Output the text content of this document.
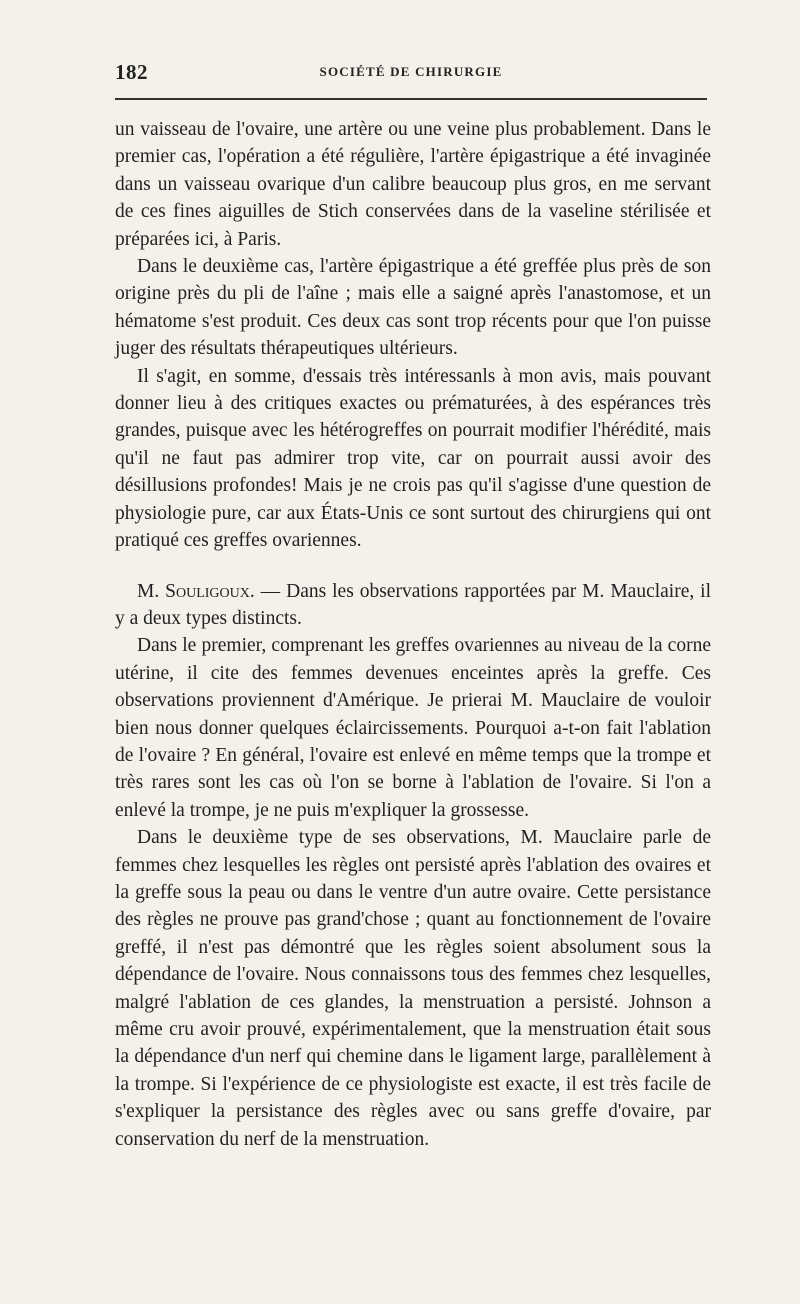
182	SOCIÉTÉ DE CHIRURGIE

un vaisseau de l'ovaire, une artère ou une veine plus probablement. Dans le premier cas, l'opération a été régulière, l'artère épigastrique a été invaginée dans un vaisseau ovarique d'un calibre beaucoup plus gros, en me servant de ces fines aiguilles de Stich conservées dans de la vaseline stérilisée et préparées ici, à Paris.

Dans le deuxième cas, l'artère épigastrique a été greffée plus près de son origine près du pli de l'aîne ; mais elle a saigné après l'anastomose, et un hématome s'est produit. Ces deux cas sont trop récents pour que l'on puisse juger des résultats thérapeutiques ultérieurs.

Il s'agit, en somme, d'essais très intéressanls à mon avis, mais pouvant donner lieu à des critiques exactes ou prématurées, à des espérances très grandes, puisque avec les hétérogreffes on pourrait modifier l'hérédité, mais qu'il ne faut pas admirer trop vite, car on pourrait aussi avoir des désillusions profondes! Mais je ne crois pas qu'il s'agisse d'une question de physiologie pure, car aux États-Unis ce sont surtout des chirurgiens qui ont pratiqué ces greffes ovariennes.

M. Souligoux. — Dans les observations rapportées par M. Mauclaire, il y a deux types distincts.

Dans le premier, comprenant les greffes ovariennes au niveau de la corne utérine, il cite des femmes devenues enceintes après la greffe. Ces observations proviennent d'Amérique. Je prierai M. Mauclaire de vouloir bien nous donner quelques éclaircissements. Pourquoi a-t-on fait l'ablation de l'ovaire ? En général, l'ovaire est enlevé en même temps que la trompe et très rares sont les cas où l'on se borne à l'ablation de l'ovaire. Si l'on a enlevé la trompe, je ne puis m'expliquer la grossesse.

Dans le deuxième type de ses observations, M. Mauclaire parle de femmes chez lesquelles les règles ont persisté après l'ablation des ovaires et la greffe sous la peau ou dans le ventre d'un autre ovaire. Cette persistance des règles ne prouve pas grand'chose ; quant au fonctionnement de l'ovaire greffé, il n'est pas démontré que les règles soient absolument sous la dépendance de l'ovaire. Nous connaissons tous des femmes chez lesquelles, malgré l'ablation de ces glandes, la menstruation a persisté. Johnson a même cru avoir prouvé, expérimentalement, que la menstruation était sous la dépendance d'un nerf qui chemine dans le ligament large, parallèlement à la trompe. Si l'expérience de ce physiologiste est exacte, il est très facile de s'expliquer la persistance des règles avec ou sans greffe d'ovaire, par conservation du nerf de la menstruation.
